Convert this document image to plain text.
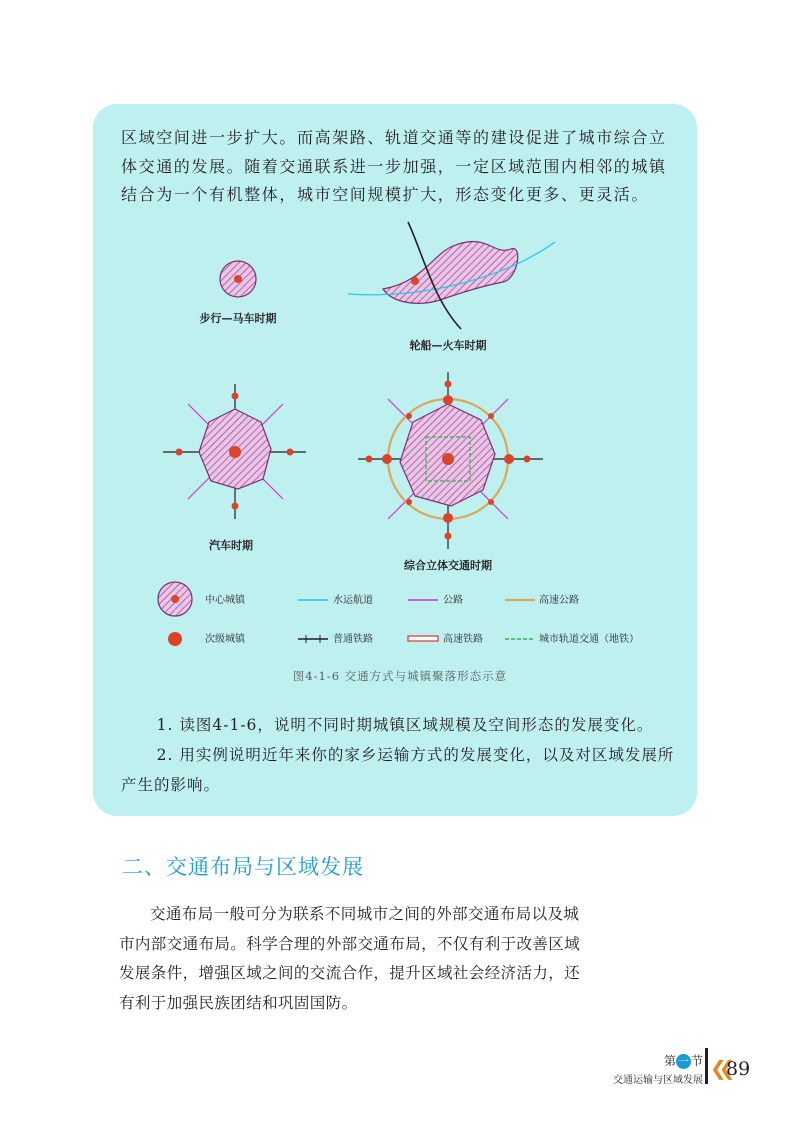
区域空间进一步扩大。而高架路、轨道交通等的建设促进了城市综合立体交通的发展。随着交通联系进一步加强，一定区域范围内相邻的城镇结合为一个有机整体，城市空间规模扩大，形态变化更多、更灵活。

步行—马车时期
轮船—火车时期
汽车时期
综合立体交通时期
中心城镇	水运航道	公路	高速公路
次级城镇	普通铁路	高速铁路	城市轨道交通（地铁）
图4-1-6 交通方式与城镇聚落形态示意

1. 读图4-1-6，说明不同时期城镇区域规模及空间形态的发展变化。

2. 用实例说明近年来你的家乡运输方式的发展变化，以及对区域发展所产生的影响。

二、交通布局与区域发展

交通布局一般可分为联系不同城市之间的外部交通布局以及城市内部交通布局。科学合理的外部交通布局，不仅有利于改善区域发展条件，增强区域之间的交流合作，提升区域社会经济活力，还有利于加强民族团结和巩固国防。

第 一 节
交通运输与区域发展
❮❮
89
